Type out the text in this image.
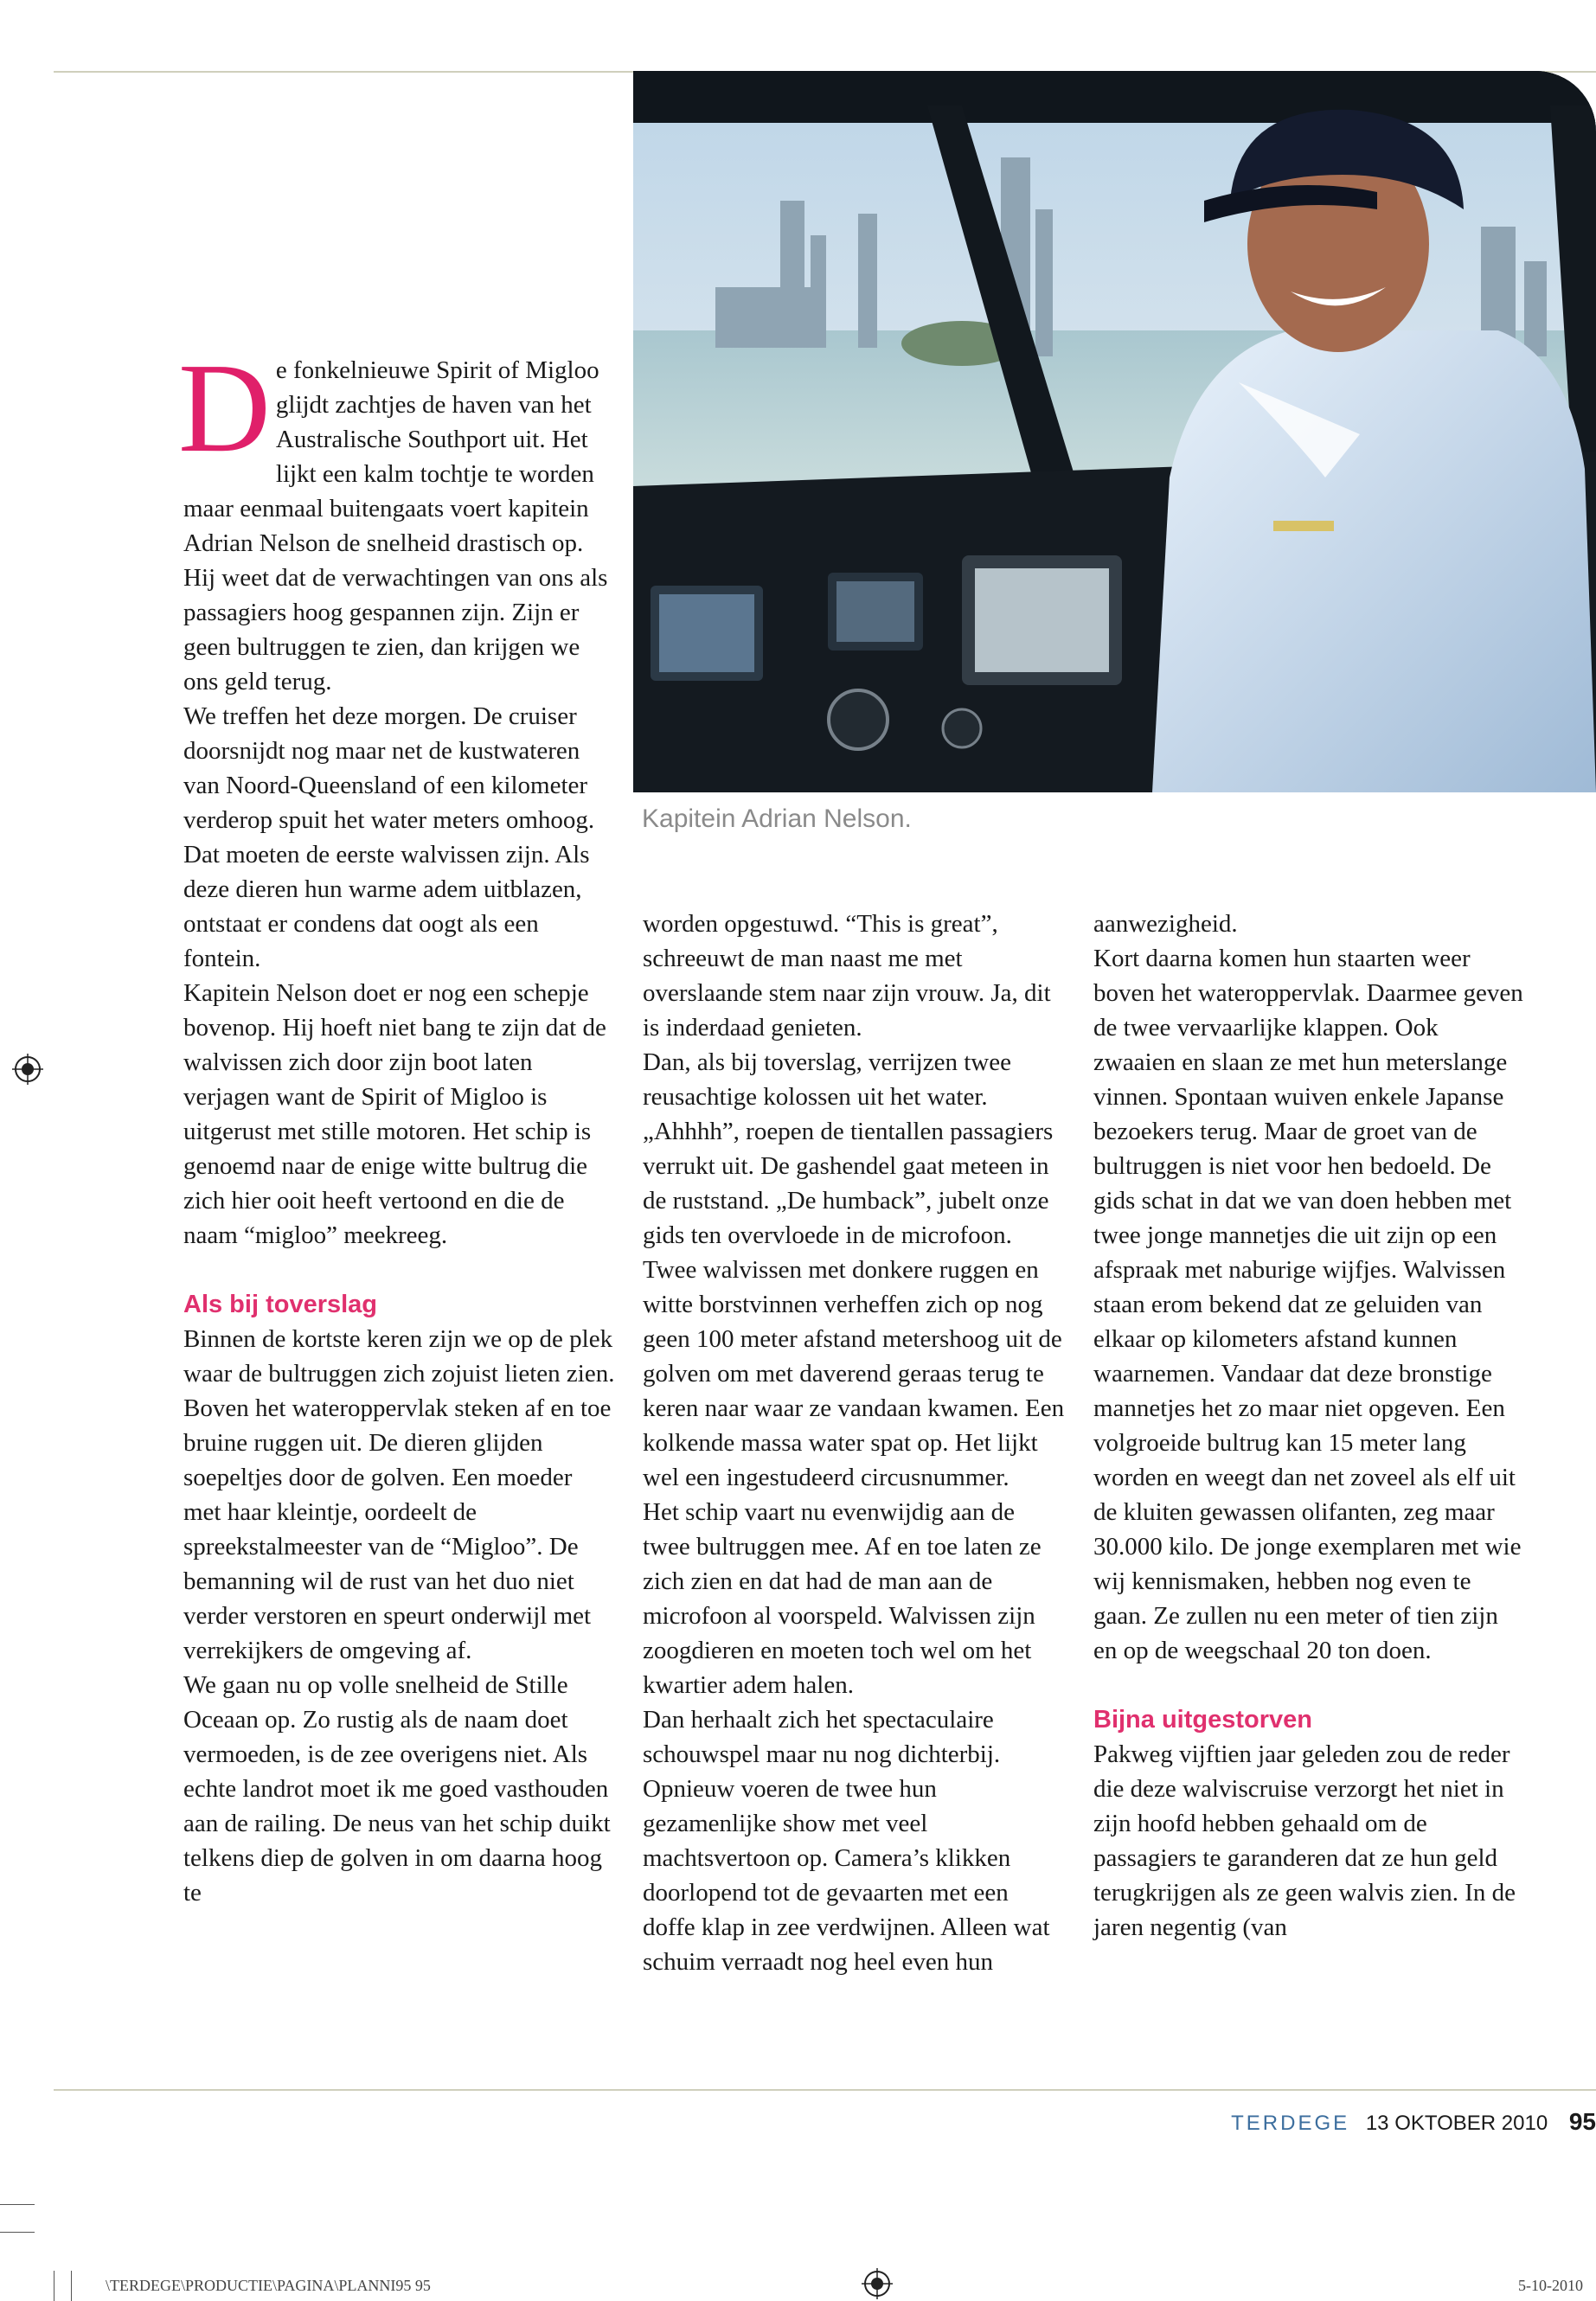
Kapitein Adrian Nelson.
D e fonkelnieuwe Spirit of Migloo glijdt zachtjes de haven van het Australische Southport uit. Het lijkt een kalm tochtje te worden maar eenmaal buitengaats voert kapitein Adrian Nelson de snelheid drastisch op. Hij weet dat de verwachtingen van ons als passagiers hoog gespannen zijn. Zijn er geen bultruggen te zien, dan krijgen we ons geld terug.

We treffen het deze morgen. De cruiser doorsnijdt nog maar net de kustwateren van Noord-Queensland of een kilometer verderop spuit het water meters omhoog. Dat moeten de eerste walvissen zijn. Als deze dieren hun warme adem uitblazen, ontstaat er condens dat oogt als een fontein.

Kapitein Nelson doet er nog een schepje bovenop. Hij hoeft niet bang te zijn dat de walvissen zich door zijn boot laten verjagen want de Spirit of Migloo is uitgerust met stille motoren. Het schip is genoemd naar de enige witte bultrug die zich hier ooit heeft vertoond en die de naam “migloo” meekreeg.

Als bij toverslag

Binnen de kortste keren zijn we op de plek waar de bultruggen zich zojuist lieten zien. Boven het wateroppervlak steken af en toe bruine ruggen uit. De dieren glijden soepeltjes door de golven. Een moeder met haar kleintje, oordeelt de spreekstalmeester van de “Migloo”. De bemanning wil de rust van het duo niet verder verstoren en speurt onderwijl met verrekijkers de omgeving af.

We gaan nu op volle snelheid de Stille Oceaan op. Zo rustig als de naam doet vermoeden, is de zee overigens niet. Als echte landrot moet ik me goed vasthouden aan de railing. De neus van het schip duikt telkens diep de golven in om daarna hoog te

worden opgestuwd. “This is great”, schreeuwt de man naast me met overslaande stem naar zijn vrouw. Ja, dit is inderdaad genieten.

Dan, als bij toverslag, verrijzen twee reusachtige kolossen uit het water. „Ahhhh”, roepen de tientallen passagiers verrukt uit. De gashendel gaat meteen in de ruststand. „De humback”, jubelt onze gids ten overvloede in de microfoon. Twee walvissen met donkere ruggen en witte borstvinnen verheffen zich op nog geen 100 meter afstand metershoog uit de golven om met daverend geraas terug te keren naar waar ze vandaan kwamen. Een kolkende massa water spat op. Het lijkt wel een ingestudeerd circusnummer.

Het schip vaart nu evenwijdig aan de twee bultruggen mee. Af en toe laten ze zich zien en dat had de man aan de microfoon al voorspeld. Walvissen zijn zoogdieren en moeten toch wel om het kwartier adem halen.

Dan herhaalt zich het spectaculaire schouwspel maar nu nog dichterbij. Opnieuw voeren de twee hun gezamenlijke show met veel machtsvertoon op. Camera’s klikken doorlopend tot de gevaarten met een doffe klap in zee verdwijnen. Alleen wat schuim verraadt nog heel even hun

aanwezigheid.

Kort daarna komen hun staarten weer boven het wateroppervlak. Daarmee geven de twee vervaarlijke klappen. Ook zwaaien en slaan ze met hun meterslange vinnen. Spontaan wuiven enkele Japanse bezoekers terug. Maar de groet van de bultruggen is niet voor hen bedoeld. De gids schat in dat we van doen hebben met twee jonge mannetjes die uit zijn op een afspraak met naburige wijfjes. Walvissen staan erom bekend dat ze geluiden van elkaar op kilometers afstand kunnen waarnemen. Vandaar dat deze bronstige mannetjes het zo maar niet opgeven. Een volgroeide bultrug kan 15 meter lang worden en weegt dan net zoveel als elf uit de kluiten gewassen olifanten, zeg maar 30.000 kilo. De jonge exemplaren met wie wij kennismaken, hebben nog even te gaan. Ze zullen nu een meter of tien zijn en op de weegschaal 20 ton doen.

Bijna uitgestorven

Pakweg vijftien jaar geleden zou de reder die deze walviscruise verzorgt het niet in zijn hoofd hebben gehaald om de passagiers te garanderen dat ze hun geld terugkrijgen als ze geen walvis zien. In de jaren negentig (van

TERDEGE 13 OKTOBER 2010 95
\TERDEGE\PRODUCTIE\PAGINA\PLANNI95 95	5-10-2010
